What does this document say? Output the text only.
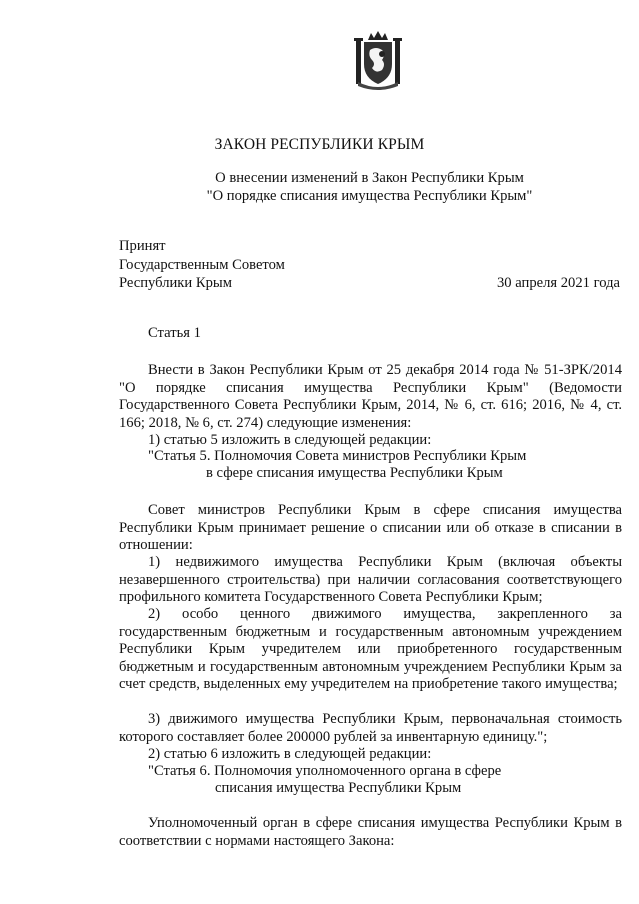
ЗАКОН РЕСПУБЛИКИ КРЫМ
О внесении изменений в Закон Республики Крым
"О порядке списания имущества Республики Крым"
Принят
Государственным Советом
Республики Крым	30 апреля 2021 года
Статья 1
Внести в Закон Республики Крым от 25 декабря 2014 года № 51-ЗРК/2014 "О порядке списания имущества Республики Крым" (Ведомости Государственного Совета Республики Крым, 2014, № 6, ст. 616; 2016, № 4, ст. 166; 2018, № 6, ст. 274) следующие изменения:
1) статью 5 изложить в следующей редакции:
"Статья 5. Полномочия Совета министров Республики Крым
в сфере списания имущества Республики Крым
Совет министров Республики Крым в сфере списания имущества Республики Крым принимает решение о списании или об отказе в списании в отношении:
1) недвижимого имущества Республики Крым (включая объекты незавершенного строительства) при наличии согласования соответствующего профильного комитета Государственного Совета Республики Крым;
2) особо ценного движимого имущества, закрепленного за государственным бюджетным и государственным автономным учреждением Республики Крым учредителем или приобретенного государственным бюджетным и государственным автономным учреждением Республики Крым за счет средств, выделенных ему учредителем на приобретение такого имущества;
3) движимого имущества Республики Крым, первоначальная стоимость которого составляет более 200000 рублей за инвентарную единицу.";
2) статью 6 изложить в следующей редакции:
"Статья 6. Полномочия уполномоченного органа в сфере
списания имущества Республики Крым
Уполномоченный орган в сфере списания имущества Республики Крым в соответствии с нормами настоящего Закона:
